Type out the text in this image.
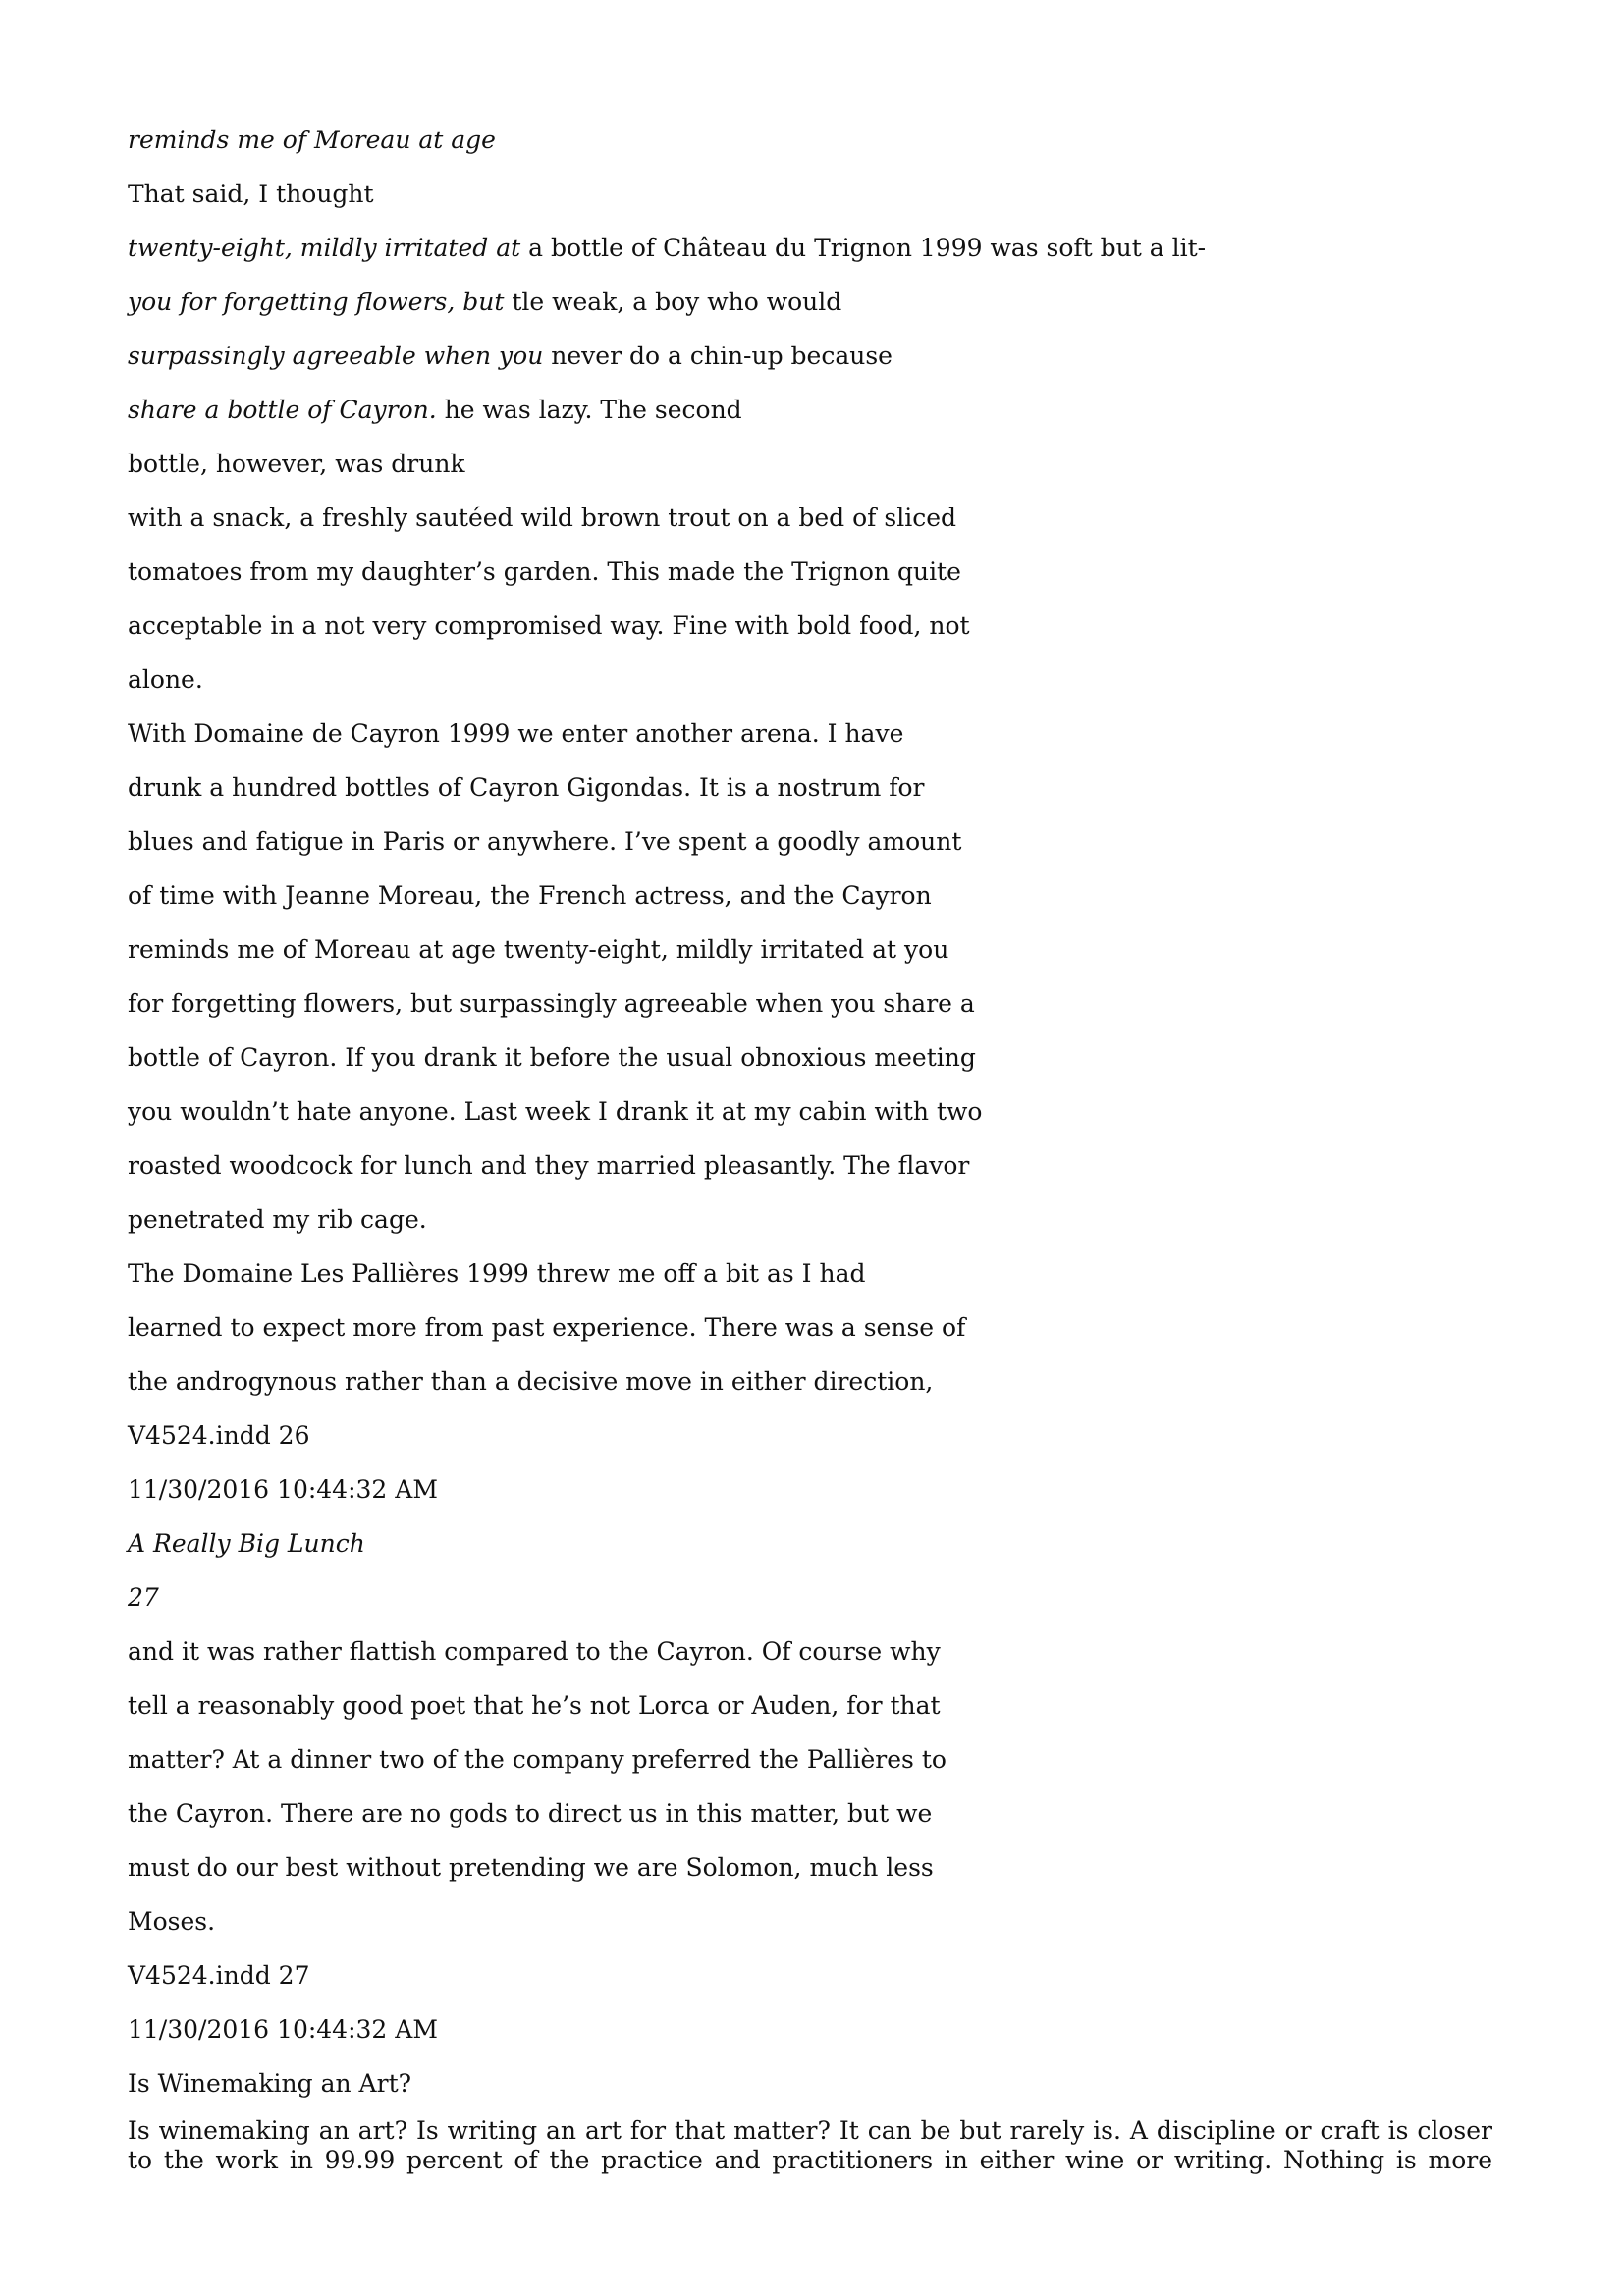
reminds me of Moreau at age
That said, I thought
twenty-eight, mildly irritated at a bottle of Château du Trignon 1999 was soft but a lit-
you for forgetting flowers, but tle weak, a boy who would
surpassingly agreeable when you never do a chin-up because
share a bottle of Cayron. he was lazy. The second
bottle, however, was drunk
with a snack, a freshly sautéed wild brown trout on a bed of sliced
tomatoes from my daughter’s garden. This made the Trignon quite
acceptable in a not very compromised way. Fine with bold food, not
alone.
With Domaine de Cayron 1999 we enter another arena. I have
drunk a hundred bottles of Cayron Gigondas. It is a nostrum for
blues and fatigue in Paris or anywhere. I’ve spent a goodly amount
of time with Jeanne Moreau, the French actress, and the Cayron
reminds me of Moreau at age twenty-eight, mildly irritated at you
for forgetting flowers, but surpassingly agreeable when you share a
bottle of Cayron. If you drank it before the usual obnoxious meeting
you wouldn’t hate anyone. Last week I drank it at my cabin with two
roasted woodcock for lunch and they married pleasantly. The flavor
penetrated my rib cage.
The Domaine Les Pallières 1999 threw me off a bit as I had
learned to expect more from past experience. There was a sense of
the androgynous rather than a decisive move in either direction,
V4524.indd 26
11/30/2016 10:44:32 AM
A Really Big Lunch
27
and it was rather flattish compared to the Cayron. Of course why
tell a reasonably good poet that he’s not Lorca or Auden, for that
matter? At a dinner two of the company preferred the Pallières to
the Cayron. There are no gods to direct us in this matter, but we
must do our best without pretending we are Solomon, much less
Moses.
V4524.indd 27
11/30/2016 10:44:32 AM
Is Winemaking an Art?
Is winemaking an art? Is writing an art for that matter? It can be but rarely is. A discipline or craft is closer
to the work in 99.99 percent of the practice and practitioners in either wine or writing. Nothing is more
